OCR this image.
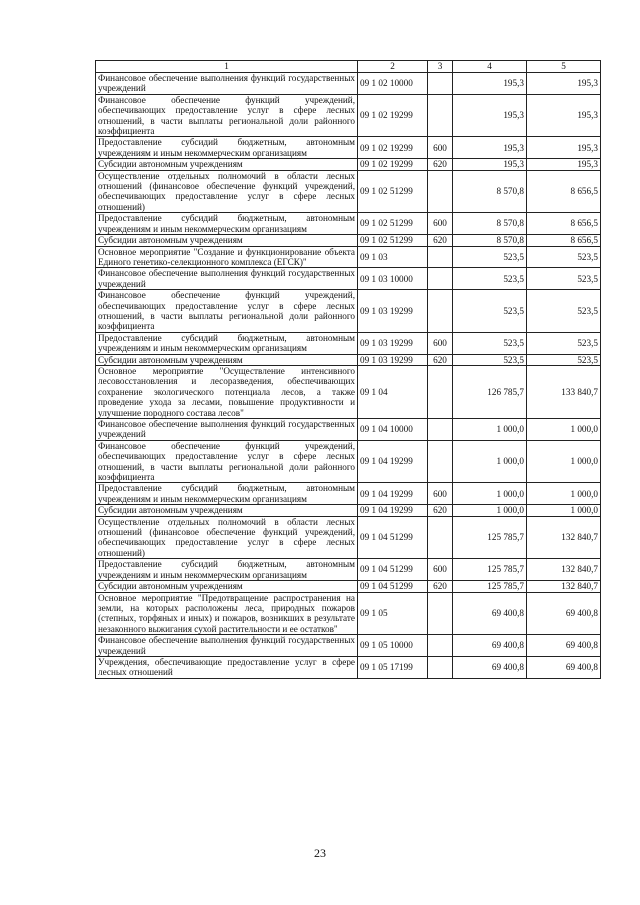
1	2	3	4	5
Финансовое обеспечение выполнения функций государственных учреждений	09 1 02 10000		195,3	195,3
Финансовое обеспечение функций учреждений, обеспечивающих предоставление услуг в сфере лесных отношений, в части выплаты региональной доли районного коэффициента	09 1 02 19299		195,3	195,3
Предоставление субсидий бюджетным, автономным учреждениям и иным некоммерческим организациям	09 1 02 19299	600	195,3	195,3
Субсидии автономным учреждениям	09 1 02 19299	620	195,3	195,3
Осуществление отдельных полномочий в области лесных отношений (финансовое обеспечение функций учреждений, обеспечивающих предоставление услуг в сфере лесных отношений)	09 1 02 51299		8 570,8	8 656,5
Предоставление субсидий бюджетным, автономным учреждениям и иным некоммерческим организациям	09 1 02 51299	600	8 570,8	8 656,5
Субсидии автономным учреждениям	09 1 02 51299	620	8 570,8	8 656,5
Основное мероприятие "Создание и функционирование объекта Единого генетико-селекционного комплекса (ЕГСК)"	09 1 03		523,5	523,5
Финансовое обеспечение выполнения функций государственных учреждений	09 1 03 10000		523,5	523,5
Финансовое обеспечение функций учреждений, обеспечивающих предоставление услуг в сфере лесных отношений, в части выплаты региональной доли районного коэффициента	09 1 03 19299		523,5	523,5
Предоставление субсидий бюджетным, автономным учреждениям и иным некоммерческим организациям	09 1 03 19299	600	523,5	523,5
Субсидии автономным учреждениям	09 1 03 19299	620	523,5	523,5
Основное мероприятие "Осуществление интенсивного лесовосстановления и лесоразведения, обеспечивающих сохранение экологического потенциала лесов, а также проведение ухода за лесами, повышение продуктивности и улучшение породного состава лесов"	09 1 04		126 785,7	133 840,7
Финансовое обеспечение выполнения функций государственных учреждений	09 1 04 10000		1 000,0	1 000,0
Финансовое обеспечение функций учреждений, обеспечивающих предоставление услуг в сфере лесных отношений, в части выплаты региональной доли районного коэффициента	09 1 04 19299		1 000,0	1 000,0
Предоставление субсидий бюджетным, автономным учреждениям и иным некоммерческим организациям	09 1 04 19299	600	1 000,0	1 000,0
Субсидии автономным учреждениям	09 1 04 19299	620	1 000,0	1 000,0
Осуществление отдельных полномочий в области лесных отношений (финансовое обеспечение функций учреждений, обеспечивающих предоставление услуг в сфере лесных отношений)	09 1 04 51299		125 785,7	132 840,7
Предоставление субсидий бюджетным, автономным учреждениям и иным некоммерческим организациям	09 1 04 51299	600	125 785,7	132 840,7
Субсидии автономным учреждениям	09 1 04 51299	620	125 785,7	132 840,7
Основное мероприятие "Предотвращение распространения на земли, на которых расположены леса, природных пожаров (степных, торфяных и иных) и пожаров, возникших в результате незаконного выжигания сухой растительности и ее остатков"	09 1 05		69 400,8	69 400,8
Финансовое обеспечение выполнения функций государственных учреждений	09 1 05 10000		69 400,8	69 400,8
Учреждения, обеспечивающие предоставление услуг в сфере лесных отношений	09 1 05 17199		69 400,8	69 400,8
23
